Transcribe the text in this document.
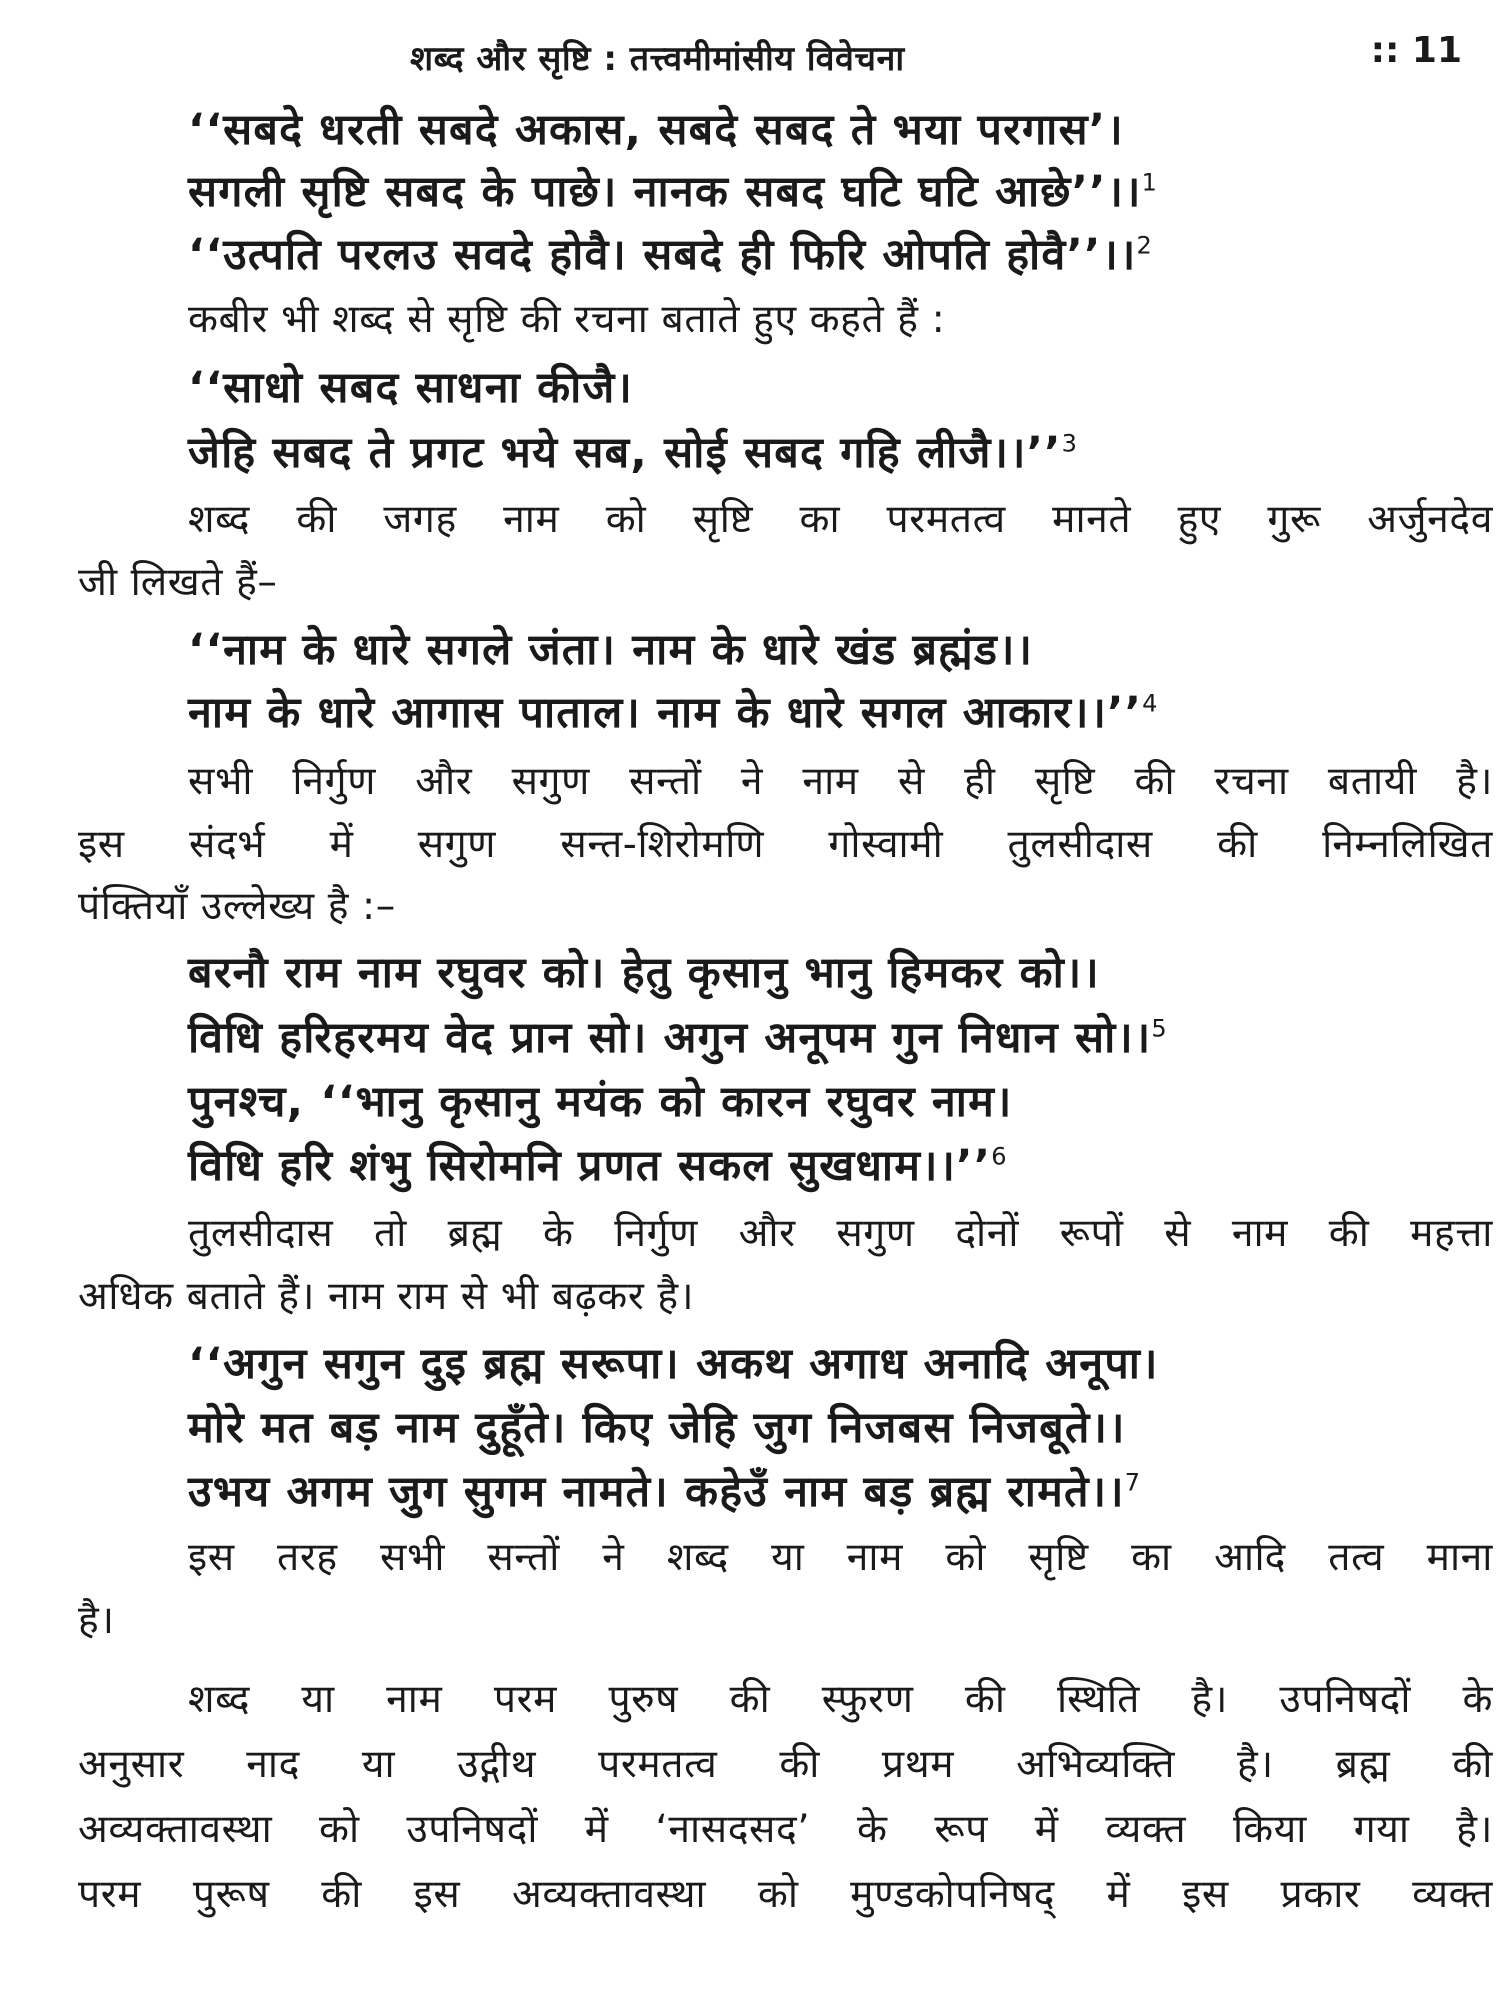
शब्द और सृष्टि : तत्त्वमीमांसीय विवेचना	:: 11
‘‘सबदे धरती सबदे अकास, सबदे सबद ते भया परगास’।
सगली सृष्टि सबद के पाछे। नानक सबद घटि घटि आछे’’।।$^1$
‘‘उत्पति परलउ सवदे होवै। सबदे ही फिरि ओपति होवै’’।।$^2$
कबीर भी शब्द से सृष्टि की रचना बताते हुए कहते हैं :
‘‘साधो सबद साधना कीजै।
जेहि सबद ते प्रगट भये सब, सोई सबद गहि लीजै।।’’$^3$
शब्द की जगह नाम को सृष्टि का परमतत्व मानते हुए गुरू अर्जुनदेव
जी लिखते हैं–
‘‘नाम के धारे सगले जंता। नाम के धारे खंड ब्रह्मंड।।
नाम के धारे आगास पाताल। नाम के धारे सगल आकार।।’’$^4$
सभी निर्गुण और सगुण सन्तों ने नाम से ही सृष्टि की रचना बतायी है।
इस संदर्भ में सगुण सन्त-शिरोमणि गोस्वामी तुलसीदास की निम्नलिखित
पंक्तियाँ उल्लेख्य है :–
बरनौ राम नाम रघुवर को। हेतु कृसानु भानु हिमकर को।।
विधि हरिहरमय वेद प्रान सो। अगुन अनूपम गुन निधान सो।।$^5$
पुनश्च, ‘‘भानु कृसानु मयंक को कारन रघुवर नाम।
विधि हरि शंभु सिरोमनि प्रणत सकल सुखधाम।।’’$^6$
तुलसीदास तो ब्रह्म के निर्गुण और सगुण दोनों रूपों से नाम की महत्ता
अधिक बताते हैं। नाम राम से भी बढ़कर है।
‘‘अगुन सगुन दुइ ब्रह्म सरूपा। अकथ अगाध अनादि अनूपा।
मोरे मत बड़ नाम दुहूँते। किए जेहि जुग निजबस निजबूते।।
उभय अगम जुग सुगम नामते। कहेउँ नाम बड़ ब्रह्म रामते।।$^7$
इस तरह सभी सन्तों ने शब्द या नाम को सृष्टि का आदि तत्व माना
है।
शब्द या नाम परम पुरुष की स्फुरण की स्थिति है। उपनिषदों के
अनुसार नाद या उद्गीथ परमतत्व की प्रथम अभिव्यक्ति है। ब्रह्म की
अव्यक्तावस्था को उपनिषदों में ‘नासदसद’ के रूप में व्यक्त किया गया है।
परम पुरूष की इस अव्यक्तावस्था को मुण्डकोपनिषद् में इस प्रकार व्यक्त
